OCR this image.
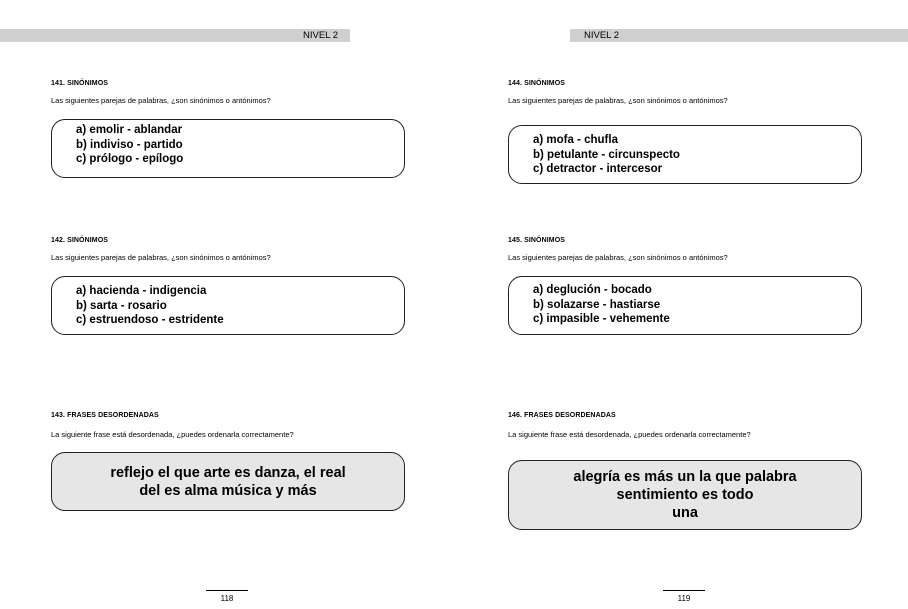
NIVEL 2
141. SINÓNIMOS
Las siguientes parejas de palabras, ¿son sinónimos o antónimos?
a) emolir - ablandar
b) indiviso - partido
c) prólogo - epílogo
142. SINÓNIMOS
Las siguientes parejas de palabras, ¿son sinónimos o antónimos?
a) hacienda - indigencia
b) sarta - rosario
c) estruendoso - estridente
143. FRASES DESORDENADAS
La siguiente frase está desordenada, ¿puedes ordenarla correctamente?
reflejo el que arte es danza, el real
del es alma música y más
118
NIVEL 2
144. SINÓNIMOS
Las siguientes parejas de palabras, ¿son sinónimos o antónimos?
a) mofa - chufla
b) petulante - circunspecto
c) detractor - intercesor
145. SINÓNIMOS
Las siguientes parejas de palabras, ¿son sinónimos o antónimos?
a) deglución - bocado
b) solazarse - hastiarse
c) impasible - vehemente
146. FRASES DESORDENADAS
La siguiente frase está desordenada, ¿puedes ordenarla correctamente?
alegría es más un la que palabra
sentimiento es todo
una
119
